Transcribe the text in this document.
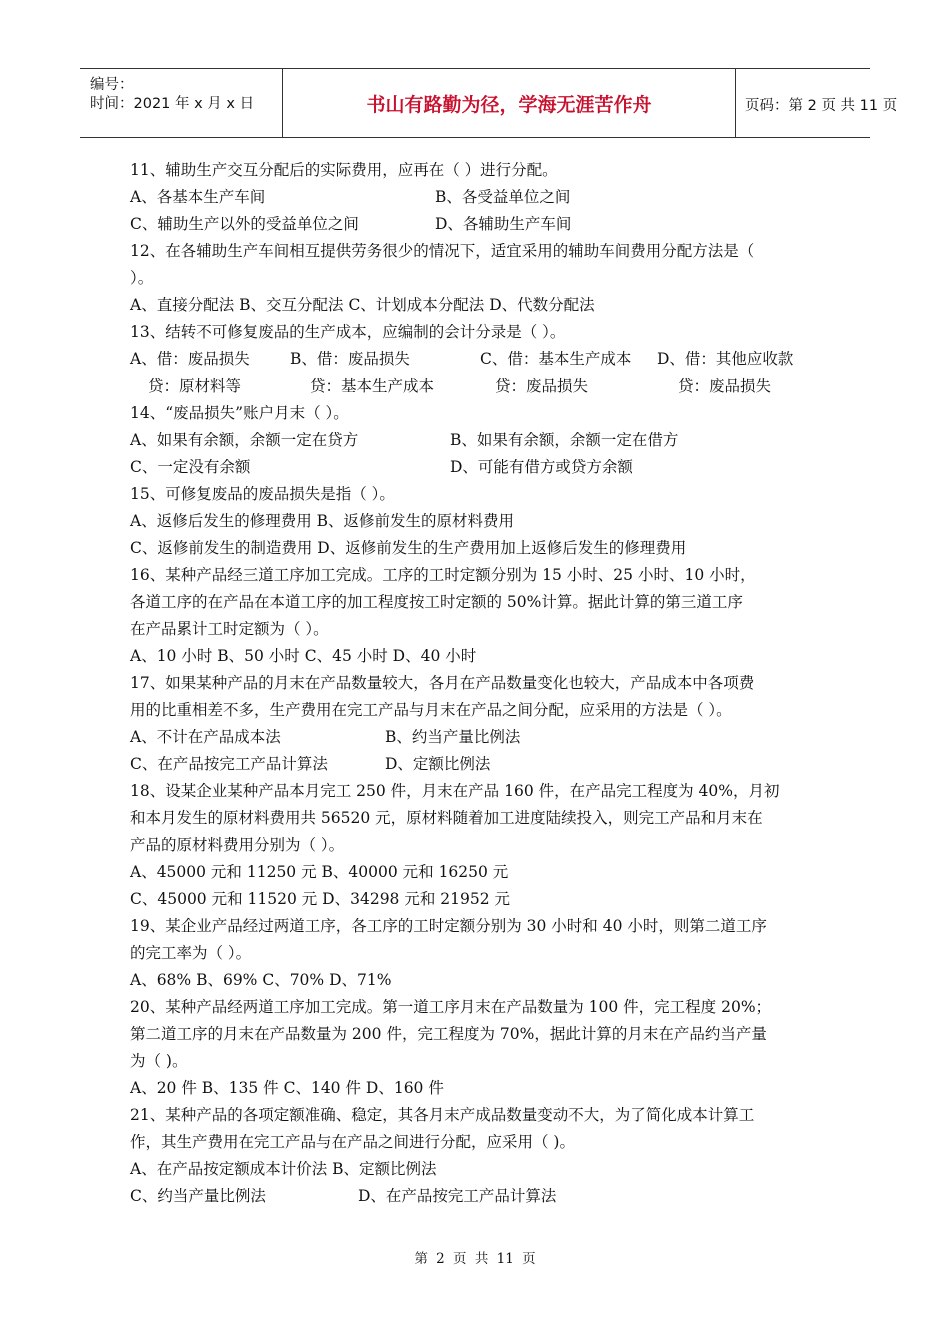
编号：
时间：2021 年 x 月 x 日	书山有路勤为径，学海无涯苦作舟	页码：第 2 页 共 11 页
11、辅助生产交互分配后的实际费用，应再在（ ）进行分配。
A、各基本生产车间	B、各受益单位之间
C、辅助生产以外的受益单位之间	D、各辅助生产车间
12、在各辅助生产车间相互提供劳务很少的情况下，适宜采用的辅助车间费用分配方法是（
）。
A、直接分配法 B、交互分配法 C、计划成本分配法 D、代数分配法
13、结转不可修复废品的生产成本，应编制的会计分录是（ ）。
A、借：废品损失	B、借：废品损失	C、借：基本生产成本 D、借：其他应收款
贷：原材料等	贷：基本生产成本	贷：废品损失	贷：废品损失
14、“废品损失”账户月末（ ）。
A、如果有余额，余额一定在贷方	B、如果有余额，余额一定在借方
C、一定没有余额	D、可能有借方或贷方余额
15、可修复废品的废品损失是指（ ）。
A、返修后发生的修理费用 B、返修前发生的原材料费用
C、返修前发生的制造费用 D、返修前发生的生产费用加上返修后发生的修理费用
16、某种产品经三道工序加工完成。工序的工时定额分别为 15 小时、25 小时、10 小时，
各道工序的在产品在本道工序的加工程度按工时定额的 50%计算。据此计算的第三道工序
在产品累计工时定额为（ ）。
A、10 小时 B、50 小时 C、45 小时 D、40 小时
17、如果某种产品的月末在产品数量较大，各月在产品数量变化也较大，产品成本中各项费
用的比重相差不多，生产费用在完工产品与月末在产品之间分配，应采用的方法是（ ）。
A、不计在产品成本法	B、约当产量比例法
C、在产品按完工产品计算法	D、定额比例法
18、设某企业某种产品本月完工 250 件，月末在产品 160 件，在产品完工程度为 40%，月初
和本月发生的原材料费用共 56520 元，原材料随着加工进度陆续投入，则完工产品和月末在
产品的原材料费用分别为（ ）。
A、45000 元和 11250 元 B、40000 元和 16250 元
C、45000 元和 11520 元 D、34298 元和 21952 元
19、某企业产品经过两道工序，各工序的工时定额分别为 30 小时和 40 小时，则第二道工序
的完工率为（ ）。
A、68% B、69% C、70% D、71%
20、某种产品经两道工序加工完成。第一道工序月末在产品数量为 100 件，完工程度 20%；
第二道工序的月末在产品数量为 200 件，完工程度为 70%，据此计算的月末在产品约当产量
为（ )。
A、20 件 B、135 件 C、140 件 D、160 件
21、某种产品的各项定额准确、稳定，其各月末产成品数量变动不大，为了简化成本计算工
作，其生产费用在完工产品与在产品之间进行分配，应采用（ )。
A、在产品按定额成本计价法 B、定额比例法
C、约当产量比例法	D、在产品按完工产品计算法
第 2 页 共 11 页
